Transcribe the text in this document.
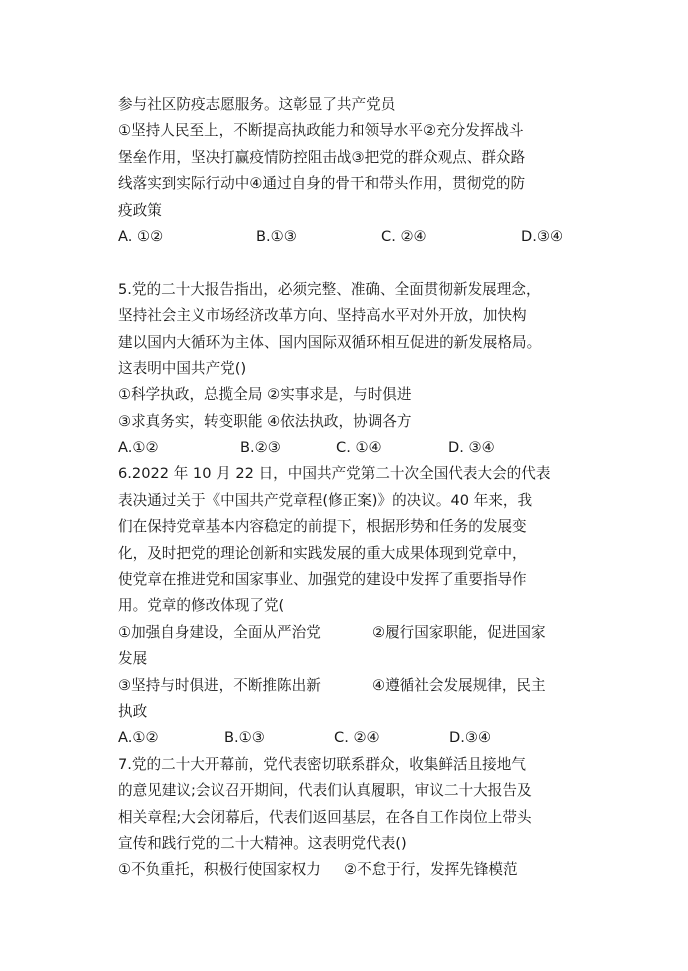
参与社区防疫志愿服务。这彰显了共产党员
①坚持人民至上，不断提高执政能力和领导水平②充分发挥战斗
堡垒作用，坚决打赢疫情防控阻击战③把党的群众观点、群众路
线落实到实际行动中④通过自身的骨干和带头作用，贯彻党的防
疫政策
A. ①②	B.①③	C. ②④	D.③④
5.党的二十大报告指出，必须完整、准确、全面贯彻新发展理念，
坚持社会主义市场经济改革方向、坚持高水平对外开放，加快构
建以国内大循环为主体、国内国际双循环相互促进的新发展格局。
这表明中国共产党()
①科学执政，总揽全局 ②实事求是，与时俱进
③求真务实，转变职能 ④依法执政，协调各方
A.①②	B.②③	C. ①④	D. ③④
6.2022 年 10 月 22 日，中国共产党第二十次全国代表大会的代表
表决通过关于《中国共产党章程(修正案)》的决议。40 年来，我
们在保持党章基本内容稳定的前提下，根据形势和任务的发展变
化，及时把党的理论创新和实践发展的重大成果体现到党章中，
使党章在推进党和国家事业、加强党的建设中发挥了重要指导作
用。党章的修改体现了党(
①加强自身建设，全面从严治党	②履行国家职能，促进国家
发展
③坚持与时俱进，不断推陈出新	④遵循社会发展规律，民主
执政
A.①②	B.①③	C. ②④	D.③④
7.党的二十大开幕前，党代表密切联系群众，收集鲜活且接地气
的意见建议;会议召开期间，代表们认真履职，审议二十大报告及
相关章程;大会闭幕后，代表们返回基层，在各自工作岗位上带头
宣传和践行党的二十大精神。这表明党代表()
①不负重托，积极行使国家权力	②不怠于行，发挥先锋模范
